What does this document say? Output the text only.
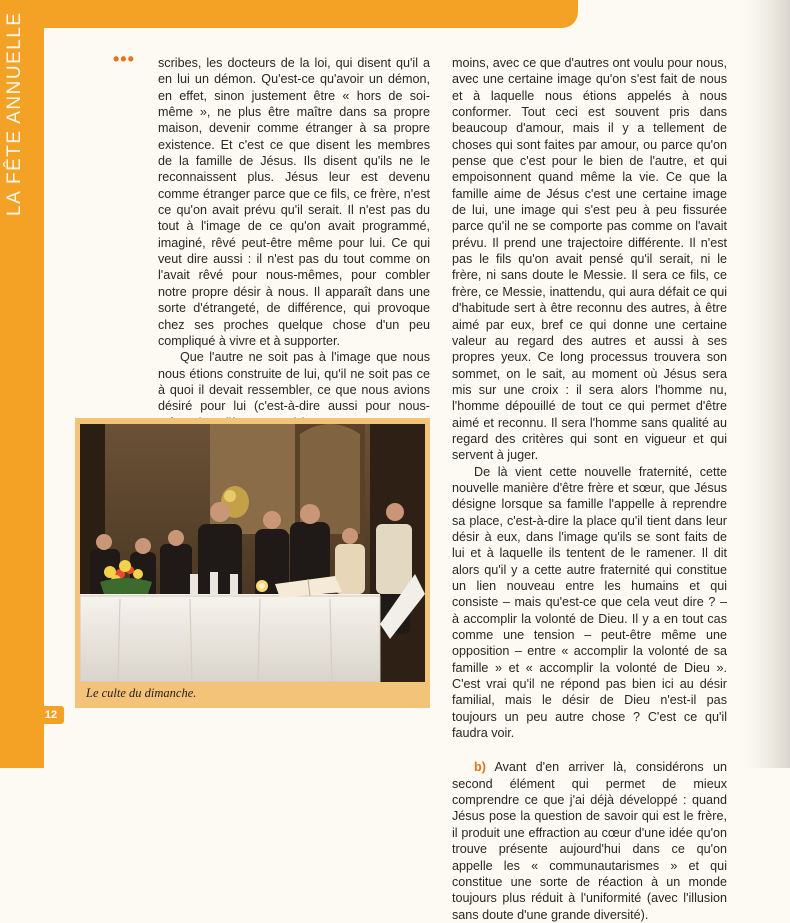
••• scribes, les docteurs de la loi, qui disent qu'il a en lui un démon. Qu'est-ce qu'avoir un démon, en effet, sinon justement être « hors de soi-même », ne plus être maître dans sa propre maison, devenir comme étranger à sa propre existence. Et c'est ce que disent les membres de la famille de Jésus. Ils disent qu'ils ne le reconnaissent plus. Jésus leur est devenu comme étranger parce que ce fils, ce frère, n'est ce qu'on avait prévu qu'il serait. Il n'est pas du tout à l'image de ce qu'on avait programmé, imaginé, rêvé peut-être même pour lui. Ce qui veut dire aussi : il n'est pas du tout comme on l'avait rêvé pour nous-mêmes, pour combler notre propre désir à nous. Il apparaît dans une sorte d'étrangeté, de différence, qui provoque chez ses proches quelque chose d'un peu compliqué à vivre et à supporter.

Que l'autre ne soit pas à l'image que nous nous étions construite de lui, qu'il ne soit pas ce à quoi il devait ressembler, ce que nous avions désiré pour lui (c'est-à-dire aussi pour nous-

moins, avec ce que d'autres ont voulu pour nous, avec une certaine image qu'on s'est fait de nous et à laquelle nous étions appelés à nous conformer. Tout ceci est souvent pris dans beaucoup d'amour, mais il y a tellement de choses qui sont faites par amour, ou parce qu'on pense que c'est pour le bien de l'autre, et qui empoisonnent quand même la vie. Ce que la famille aime de Jésus c'est une certaine image de lui, une image qui s'est peu à peu fissurée parce qu'il ne se comporte pas comme on l'avait prévu. Il prend une trajectoire différente. Il n'est pas le fils qu'on avait pensé qu'il serait, ni le frère, ni sans doute le Messie. Il sera ce fils, ce frère, ce Messie, inattendu, qui aura défait ce qui d'habitude sert à être reconnu des autres, à être aimé par eux, bref ce qui donne une certaine valeur au regard des autres et aussi à ses propres yeux. Ce long processus trouvera son sommet, on le sait, au moment où Jésus sera mis sur une croix : il sera alors l'homme nu, l'homme dépouillé de tout ce qui permet d'être aimé et reconnu. Il sera l'homme sans qualité au regard des critères qui sont en vigueur et qui servent à juger.

De là vient cette nouvelle fraternité, cette nouvelle manière d'être frère et sœur, que Jésus désigne lorsque sa famille l'appelle à reprendre sa place, c'est-à-dire la place qu'il tient dans leur désir à eux, dans l'image qu'ils se sont faits de lui et à laquelle ils tentent de le ramener. Il dit alors qu'il y a cette autre fraternité qui constitue un lien nouveau entre les humains et qui consiste – mais qu'est-ce que cela veut dire ? – à accomplir la volonté de Dieu. Il y a en tout cas comme une tension – peut-être même une opposition – entre « accomplir la volonté de sa famille » et « accomplir la volonté de Dieu ». C'est vrai qu'il ne répond pas bien ici au désir familial, mais le désir de Dieu n'est-il pas toujours un peu autre chose ? C'est ce qu'il faudra voir.

b) Avant d'en arriver là, considérons un second élément qui permet de mieux comprendre ce que j'ai déjà développé : quand Jésus pose la question de savoir qui est le frère, il produit une effraction au cœur d'une idée qu'on trouve présente aujourd'hui dans ce qu'on appelle les « communautarismes » et qui constitue une sorte de réaction à un monde toujours plus réduit à l'uniformité (avec l'illusion sans doute d'une grande diversité).

Le culte du dimanche.
12
